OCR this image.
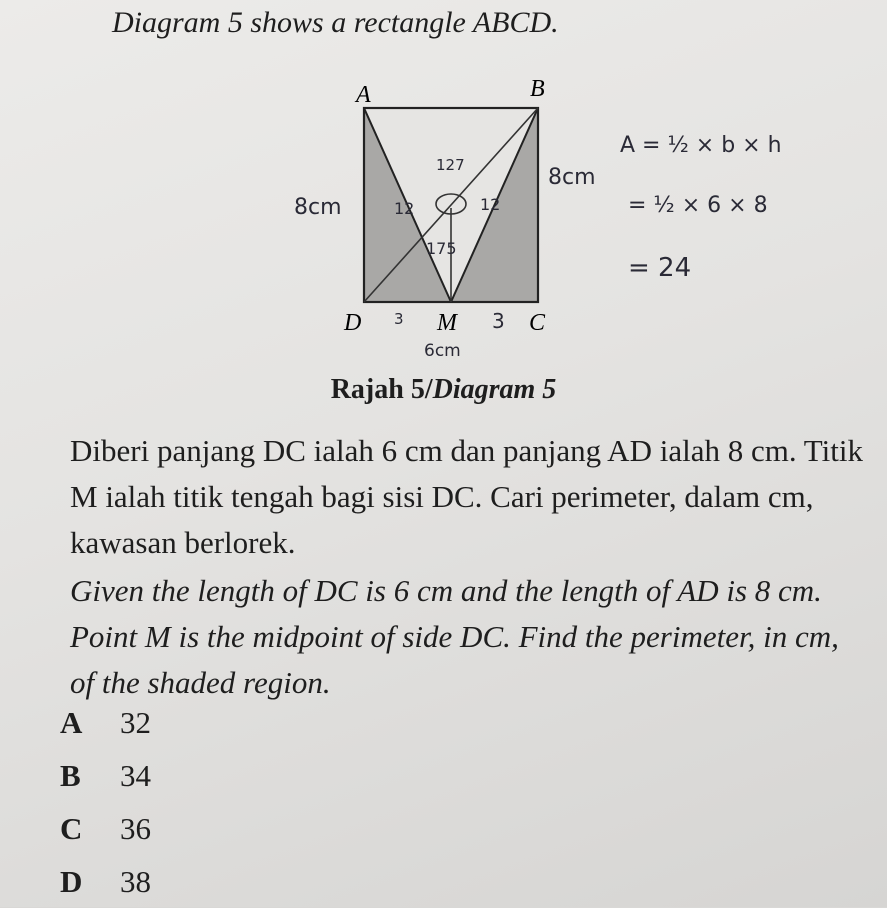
Diagram 5 shows a rectangle ABCD.
A	B
D	M	C
8cm
8cm
6cm
3	3
127
12	12
175
A = ½ × b × h
= ½ × 6 × 8
= 24
Rajah 5/Diagram 5
Diberi panjang DC ialah 6 cm dan panjang AD ialah 8 cm. Titik M ialah titik tengah bagi sisi DC. Cari perimeter, dalam cm, kawasan berlorek.
Given the length of DC is 6 cm and the length of AD is 8 cm. Point M is the midpoint of side DC. Find the perimeter, in cm, of the shaded region.
A	32
B	34
C	36
D	38
